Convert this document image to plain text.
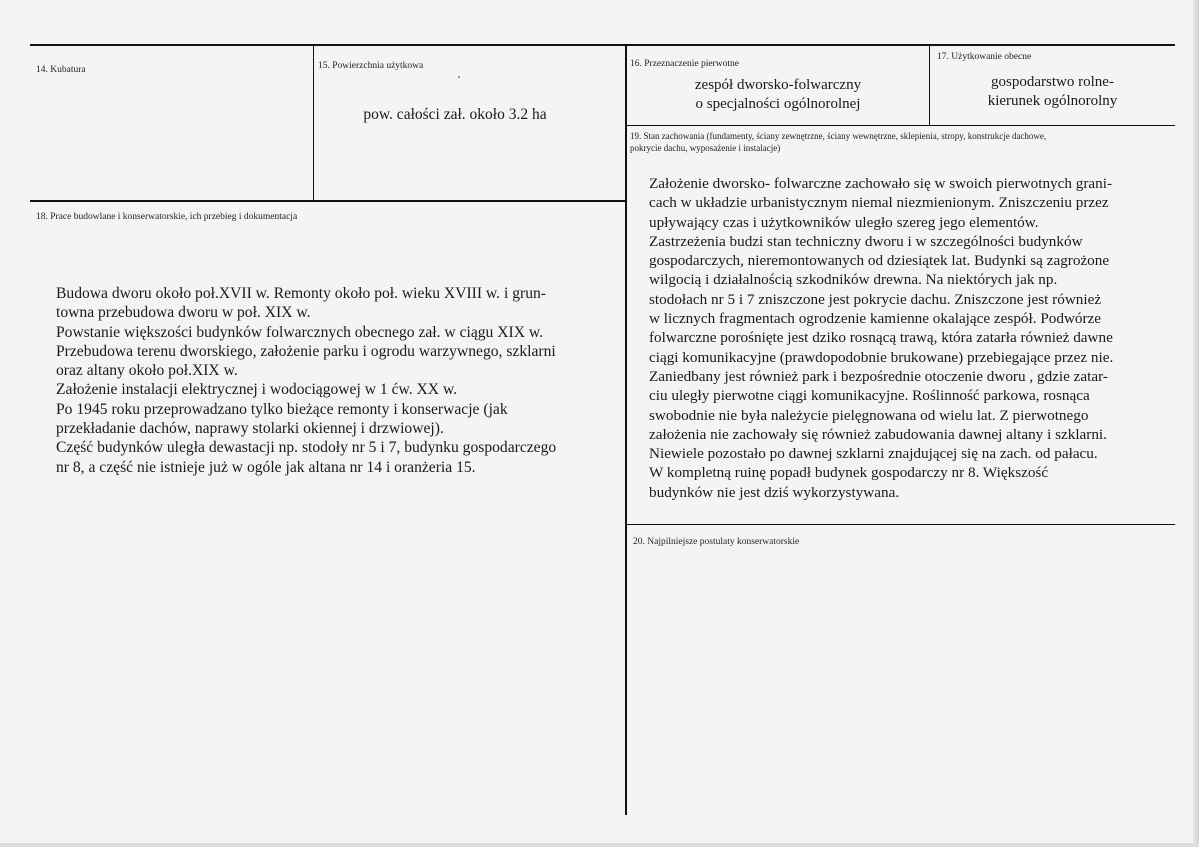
14. Kubatura	15. Powierzchnia użytkowa
pow. całości zał. około 3.2 ha
16. Przeznaczenie pierwotne
zespół dworsko-folwarczny
o specjalności ogólnorolnej
17. Użytkowanie obecne
gospodarstwo rolne-
kierunek ogólnorolny
19. Stan zachowania (fundamenty, ściany zewnętrzne, ściany wewnętrzne, sklepienia, stropy, konstrukcje dachowe,
pokrycie dachu, wyposażenie i instalacje)
Założenie dworsko- folwarczne zachowało się w swoich pierwotnych grani-
cach w układzie urbanistycznym niemal niezmienionym. Zniszczeniu przez
upływający czas i użytkowników uległo szereg jego elementów.
Zastrzeżenia budzi stan techniczny dworu i w szczególności budynków
gospodarczych, nieremontowanych od dziesiątek lat. Budynki są zagrożone
wilgocią i działalnością szkodników drewna. Na niektórych jak np.
stodołach nr 5 i 7 zniszczone jest pokrycie dachu. Zniszczone jest również
w licznych fragmentach ogrodzenie kamienne okalające zespół. Podwórze
folwarczne porośnięte jest dziko rosnącą trawą, która zatarła również dawne
ciągi komunikacyjne (prawdopodobnie brukowane) przebiegające przez nie.
Zaniedbany jest również park i bezpośrednie otoczenie dworu , gdzie zatar-
ciu uległy pierwotne ciągi komunikacyjne. Roślinność parkowa, rosnąca
swobodnie nie była należycie pielęgnowana od wielu lat. Z pierwotnego
założenia nie zachowały się również zabudowania dawnej altany i szklarni.
Niewiele pozostało po dawnej szklarni znajdującej się na zach. od pałacu.
W kompletną ruinę popadł budynek gospodarczy nr 8. Większość
budynków nie jest dziś wykorzystywana.
18. Prace budowlane i konserwatorskie, ich przebieg i dokumentacja
Budowa dworu około poł.XVII w. Remonty około poł. wieku XVIII w. i grun-
towna przebudowa dworu w poł. XIX w.
Powstanie większości budynków folwarcznych obecnego zał. w ciągu XIX w.
Przebudowa terenu dworskiego, założenie parku i ogrodu warzywnego, szklarni
oraz altany około poł.XIX w.
Założenie instalacji elektrycznej i wodociągowej w 1 ćw. XX w.
Po 1945 roku przeprowadzano tylko bieżące remonty i konserwacje (jak
przekładanie dachów, naprawy stolarki okiennej i drzwiowej).
Część budynków uległa dewastacji np. stodoły nr 5 i 7, budynku gospodarczego
nr 8, a część nie istnieje już w ogóle jak altana nr 14 i oranżeria 15.
20. Najpilniejsze postulaty konserwatorskie
